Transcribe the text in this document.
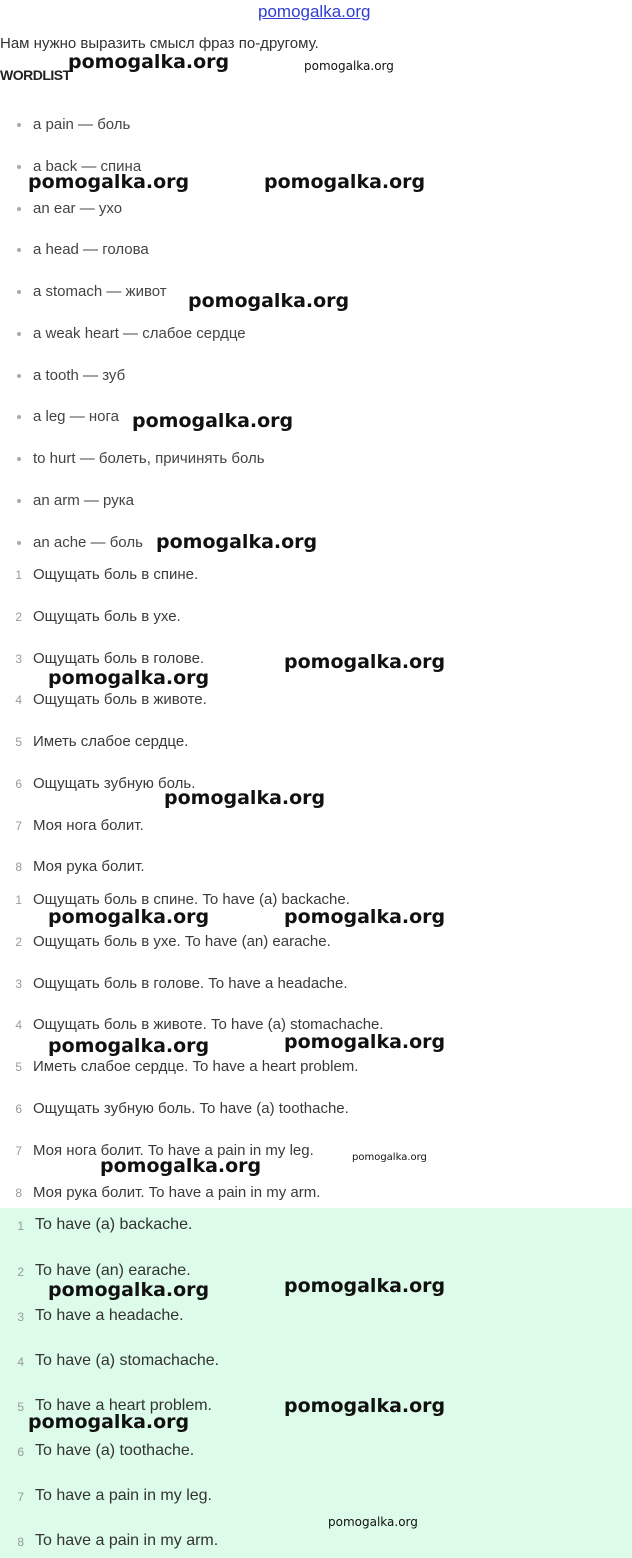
pomogalka.org
Нам нужно выразить смысл фраз по-другому.
WORDLIST
a pain — боль
a back — спина
an ear — ухо
a head — голова
a stomach — живот
a weak heart — слабое сердце
a tooth — зуб
a leg — нога
to hurt — болеть, причинять боль
an arm — рука
an ache — боль
1 Ощущать боль в спине.
2 Ощущать боль в ухе.
3 Ощущать боль в голове.
4 Ощущать боль в животе.
5 Иметь слабое сердце.
6 Ощущать зубную боль.
7 Моя нога болит.
8 Моя рука болит.
1 Ощущать боль в спине. To have (a) backache.
2 Ощущать боль в ухе. To have (an) earache.
3 Ощущать боль в голове. To have a headache.
4 Ощущать боль в животе. To have (a) stomachache.
5 Иметь слабое сердце. To have a heart problem.
6 Ощущать зубную боль. To have (a) toothache.
7 Моя нога болит. To have a pain in my leg.
8 Моя рука болит. To have a pain in my arm.
1 To have (a) backache.
2 To have (an) earache.
3 To have a headache.
4 To have (a) stomachache.
5 To have a heart problem.
6 To have (a) toothache.
7 To have a pain in my leg.
8 To have a pain in my arm.
pomogalka.org	pomogalka.org
pomogalka.org	pomogalka.org
pomogalka.org
pomogalka.org
pomogalka.org
pomogalka.org
pomogalka.org
pomogalka.org
pomogalka.org	pomogalka.org
pomogalka.org
pomogalka.org
pomogalka.org
pomogalka.org
pomogalka.org
pomogalka.org
pomogalka.org
pomogalka.org
pomogalka.org
